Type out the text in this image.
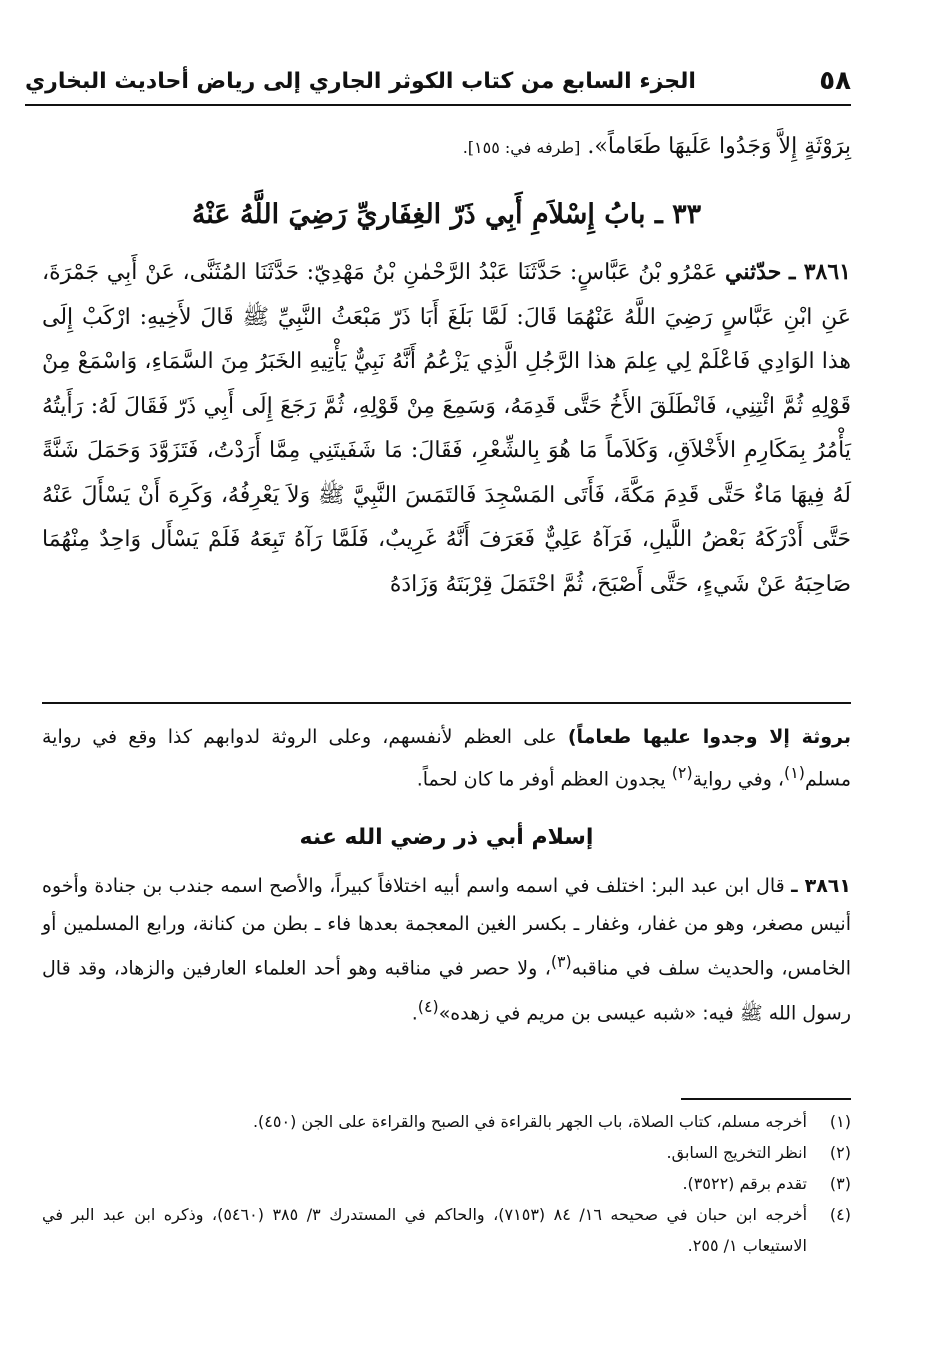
٥٨
الجزء السابع من كتاب الكوثر الجاري إلى رياض أحاديث البخاري
بِرَوْثَةٍ إِلاَّ وَجَدُوا عَلَيهَا طَعَاماً». [طرفه في: ١٥٥].
٣٣ ـ بابُ إِسْلاَمِ أَبِي ذَرّ الغِفَاريِّ رَضِيَ اللَّهُ عَنْهُ
٣٨٦١ ـ حدّثني عَمْرُو بْنُ عَبَّاسٍ: حَدَّثَنَا عَبْدُ الرَّحْمٰنِ بْنُ مَهْدِيّ: حَدَّثَنَا المُثَنَّى، عَنْ أَبِي جَمْرَةَ، عَنِ ابْنِ عَبَّاسٍ رَضِيَ اللَّهُ عَنْهُمَا قَالَ: لَمَّا بَلَغَ أَبَا ذَرّ مَبْعَثُ النَّبِيِّ ﷺ قَالَ لأَخِيهِ: ارْكَبْ إِلَى هذا الوَادِي فَاعْلَمْ لِي عِلمَ هذا الرَّجُلِ الَّذِي يَزْعُمُ أَنَّهُ نَبِيٌّ يَأْتِيهِ الخَبَرُ مِنَ السَّمَاءِ، وَاسْمَعْ مِنْ قَوْلِهِ ثُمَّ ائْتِنِي، فَانْطَلَقَ الأَخُ حَتَّى قَدِمَهُ، وَسَمِعَ مِنْ قَوْلِهِ، ثُمَّ رَجَعَ إِلَى أَبِي ذَرّ فَقَالَ لَهُ: رَأَيتُهُ يَأْمُرُ بِمَكَارِمِ الأَخْلاَقِ، وَكَلاَماً مَا هُوَ بِالشِّعْرِ، فَقَالَ: مَا شَفَيتَنِي مِمَّا أَرَدْتُ، فَتَزَوَّدَ وَحَمَلَ شَنَّةً لَهُ فِيهَا مَاءٌ حَتَّى قَدِمَ مَكَّةَ، فَأَتَى المَسْجِدَ فَالتَمَسَ النَّبِيَّ ﷺ وَلاَ يَعْرِفُهُ، وَكَرِهَ أَنْ يَسْأَلَ عَنْهُ حَتَّى أَدْرَكَهُ بَعْضُ اللَّيلِ، فَرَآهُ عَلِيٌّ فَعَرَفَ أَنَّهُ غَرِيبٌ، فَلَمَّا رَآهُ تَبِعَهُ فَلَمْ يَسْأَل وَاحِدٌ مِنْهُمَا صَاحِبَهُ عَنْ شَيءٍ، حَتَّى أَصْبَحَ، ثُمَّ احْتَمَلَ قِرْبَتَهُ وَزَادَهُ
بروثة إلا وجدوا عليها طعاماً) على العظم لأنفسهم، وعلى الروثة لدوابهم كذا وقع في رواية مسلم$^{(١)}$، وفي رواية$^{(٢)}$ يجدون العظم أوفر ما كان لحماً.
إسلام أبي ذر رضي الله عنه
٣٨٦١ ـ قال ابن عبد البر: اختلف في اسمه واسم أبيه اختلافاً كبيراً، والأصح اسمه جندب بن جنادة وأخوه أنيس مصغر، وهو من غفار، وغفار ـ بكسر الغين المعجمة بعدها فاء ـ بطن من كنانة، ورابع المسلمين أو الخامس، والحديث سلف في مناقبه$^{(٣)}$، ولا حصر في مناقبه وهو أحد العلماء العارفين والزهاد، وقد قال رسول الله ﷺ فيه: «شبه عيسى بن مريم في زهده»$^{(٤)}$.
(١)
أخرجه مسلم، كتاب الصلاة، باب الجهر بالقراءة في الصبح والقراءة على الجن (٤٥٠).
(٢)
انظر التخريج السابق.
(٣)
تقدم برقم (٣٥٢٢).
(٤)
أخرجه ابن حبان في صحيحه ١٦/ ٨٤ (٧١٥٣)، والحاكم في المستدرك ٣/ ٣٨٥ (٥٤٦٠)، وذكره ابن عبد البر في الاستيعاب ١/ ٢٥٥.
